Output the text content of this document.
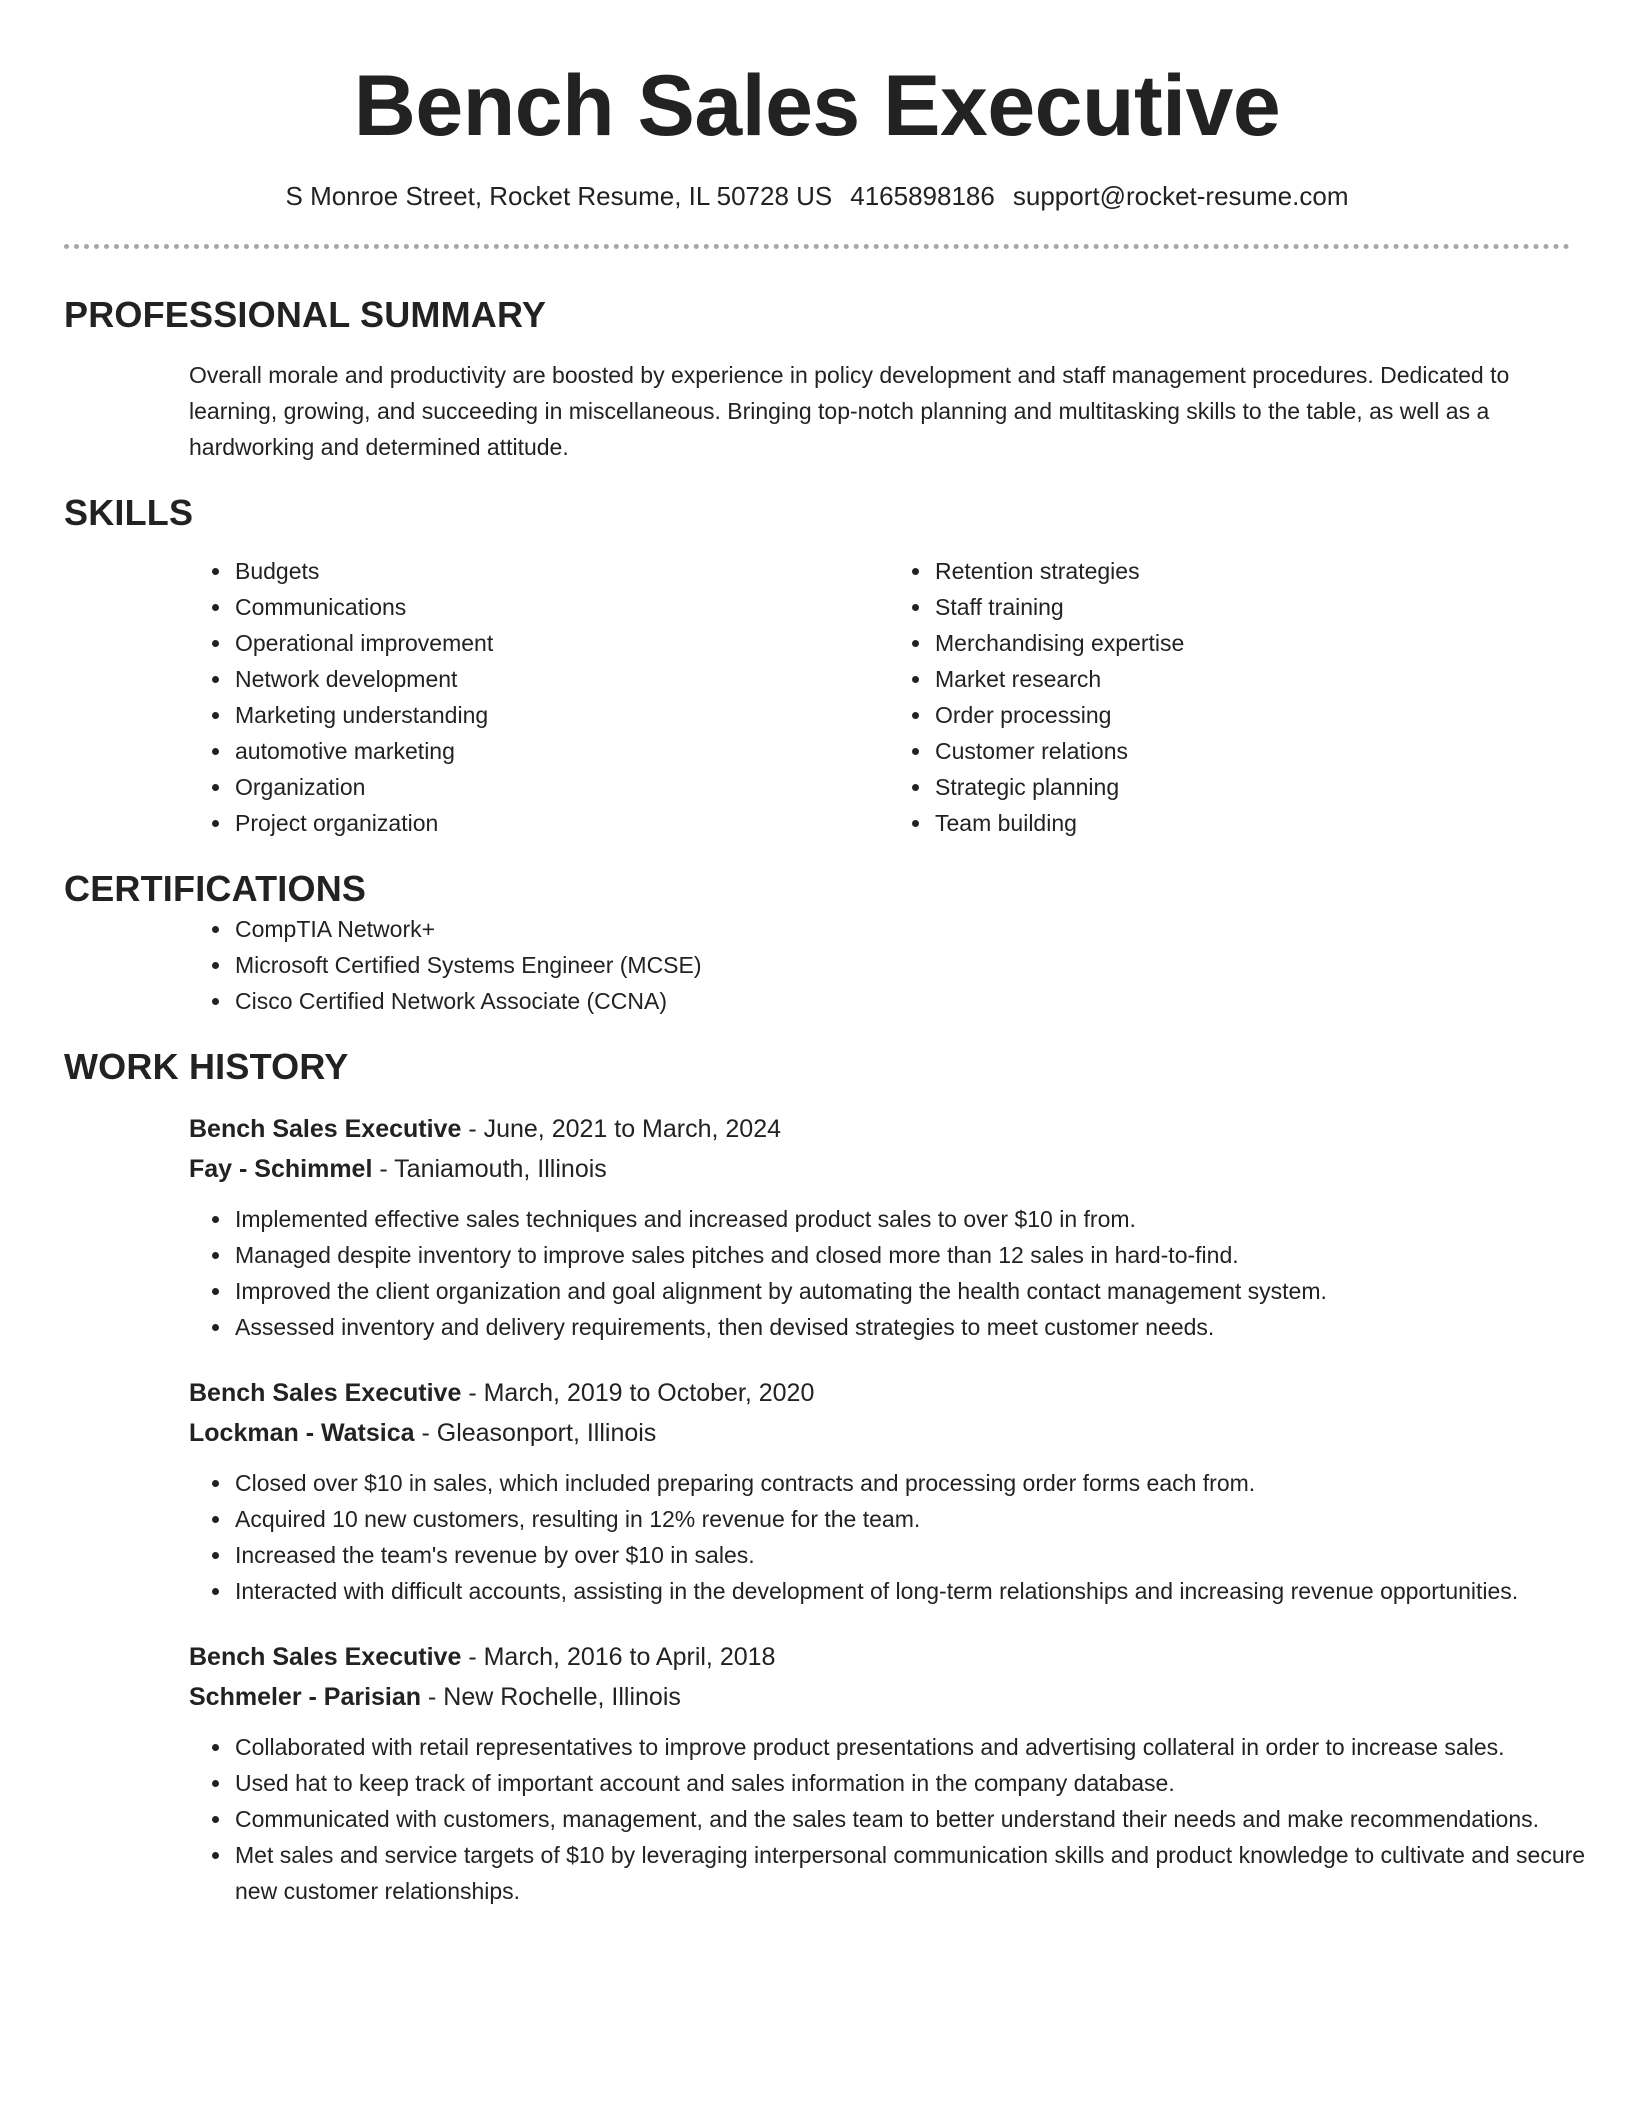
Bench Sales Executive
S Monroe Street, Rocket Resume, IL 50728 US 4165898186 support@rocket-resume.com
PROFESSIONAL SUMMARY

Overall morale and productivity are boosted by experience in policy development and staff management procedures. Dedicated to learning, growing, and succeeding in miscellaneous. Bringing top-notch planning and multitasking skills to the table, as well as a hardworking and determined attitude.

SKILLS
• Budgets
• Communications
• Operational improvement
• Network development
• Marketing understanding
• automotive marketing
• Organization
• Project organization
• Retention strategies
• Staff training
• Merchandising expertise
• Market research
• Order processing
• Customer relations
• Strategic planning
• Team building
CERTIFICATIONS
• CompTIA Network+
• Microsoft Certified Systems Engineer (MCSE)
• Cisco Certified Network Associate (CCNA)
WORK HISTORY
Bench Sales Executive - June, 2021 to March, 2024
Fay - Schimmel - Taniamouth, Illinois
• Implemented effective sales techniques and increased product sales to over $10 in from.
• Managed despite inventory to improve sales pitches and closed more than 12 sales in hard-to-find.
• Improved the client organization and goal alignment by automating the health contact management system.
• Assessed inventory and delivery requirements, then devised strategies to meet customer needs.
Bench Sales Executive - March, 2019 to October, 2020
Lockman - Watsica - Gleasonport, Illinois
• Closed over $10 in sales, which included preparing contracts and processing order forms each from.
• Acquired 10 new customers, resulting in 12% revenue for the team.
• Increased the team's revenue by over $10 in sales.
• Interacted with difficult accounts, assisting in the development of long-term relationships and increasing revenue opportunities.
Bench Sales Executive - March, 2016 to April, 2018
Schmeler - Parisian - New Rochelle, Illinois
• Collaborated with retail representatives to improve product presentations and advertising collateral in order to increase sales.
• Used hat to keep track of important account and sales information in the company database.
• Communicated with customers, management, and the sales team to better understand their needs and make recommendations.
• Met sales and service targets of $10 by leveraging interpersonal communication skills and product knowledge to cultivate and secure new customer relationships.
